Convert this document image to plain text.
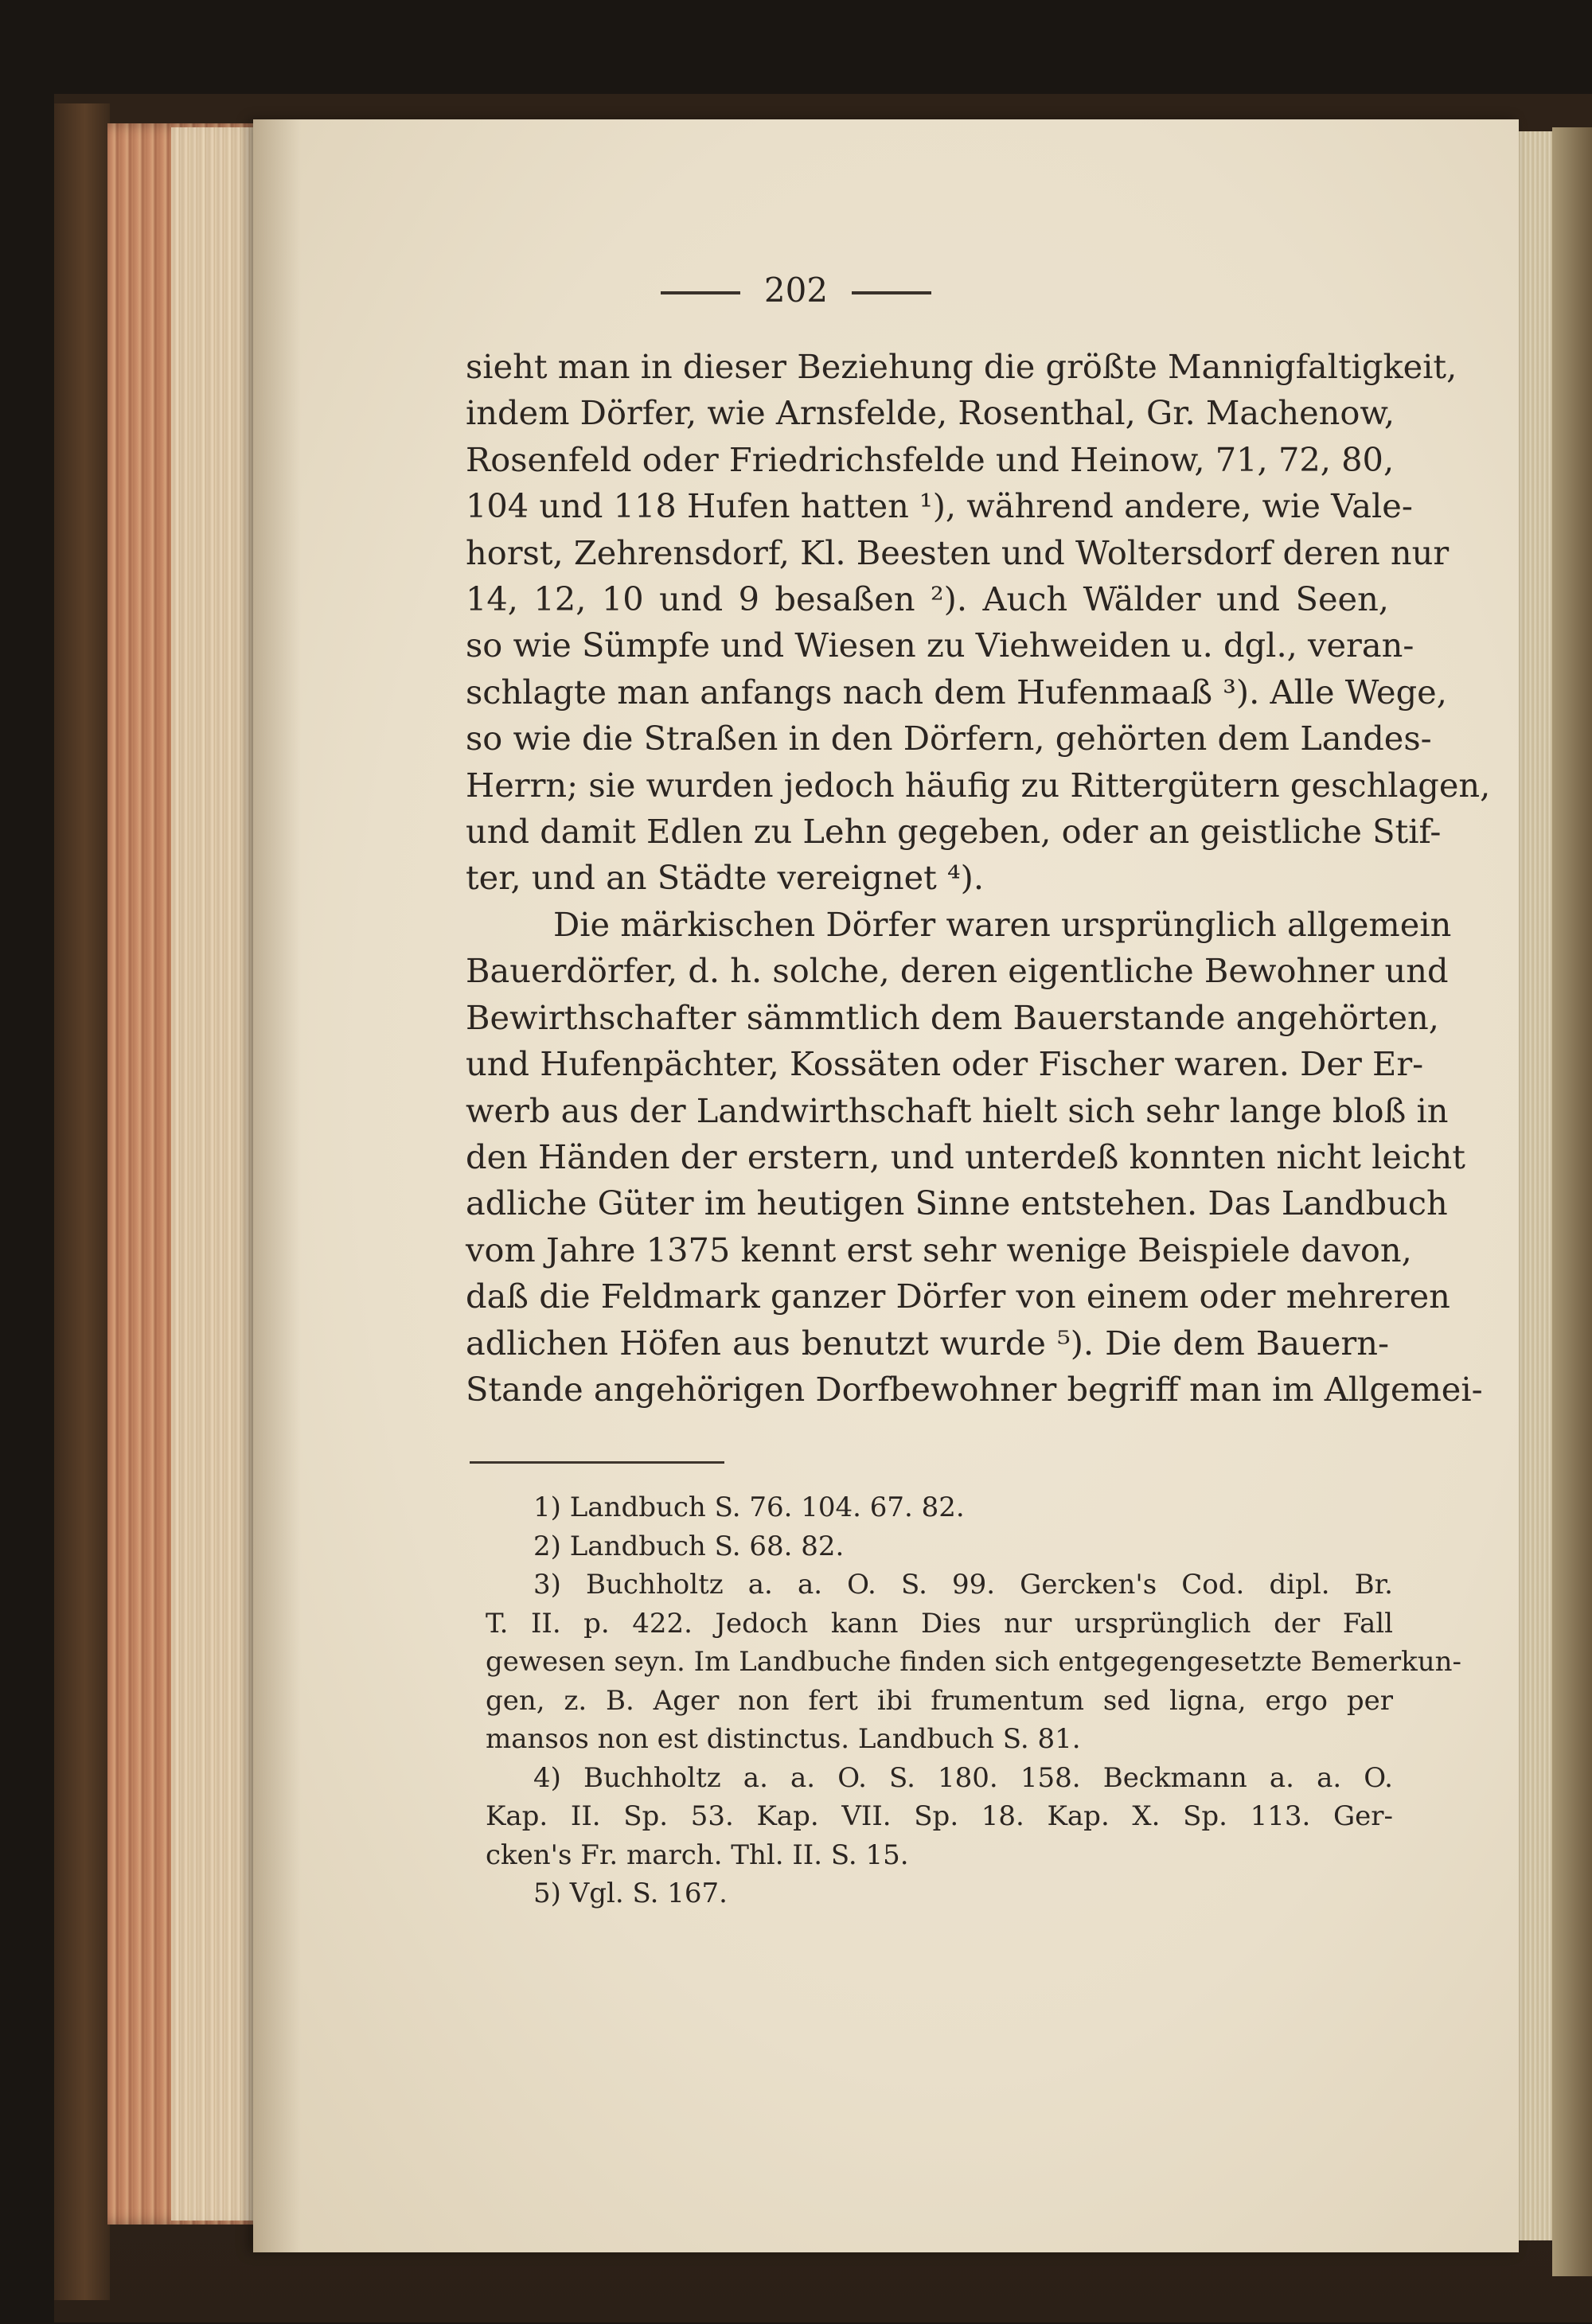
202
sieht man in dieser Beziehung die größte Mannigfaltigkeit,
indem Dörfer, wie Arnsfelde, Rosenthal, Gr. Machenow,
Rosenfeld oder Friedrichsfelde und Heinow, 71, 72, 80,
104 und 118 Hufen hatten ¹), während andere, wie Vale-
horst, Zehrensdorf, Kl. Beesten und Woltersdorf deren nur
14, 12, 10 und 9 besaßen ²). Auch Wälder und Seen,
so wie Sümpfe und Wiesen zu Viehweiden u. dgl., veran-
schlagte man anfangs nach dem Hufenmaaß ³). Alle Wege,
so wie die Straßen in den Dörfern, gehörten dem Landes-
Herrn; sie wurden jedoch häufig zu Rittergütern geschlagen,
und damit Edlen zu Lehn gegeben, oder an geistliche Stif-
ter, und an Städte vereignet ⁴).
Die märkischen Dörfer waren ursprünglich allgemein
Bauerdörfer, d. h. solche, deren eigentliche Bewohner und
Bewirthschafter sämmtlich dem Bauerstande angehörten,
und Hufenpächter, Kossäten oder Fischer waren. Der Er-
werb aus der Landwirthschaft hielt sich sehr lange bloß in
den Händen der erstern, und unterdeß konnten nicht leicht
adliche Güter im heutigen Sinne entstehen. Das Landbuch
vom Jahre 1375 kennt erst sehr wenige Beispiele davon,
daß die Feldmark ganzer Dörfer von einem oder mehreren
adlichen Höfen aus benutzt wurde ⁵). Die dem Bauern-
Stande angehörigen Dorfbewohner begriff man im Allgemei-
1) Landbuch S. 76. 104. 67. 82.
2) Landbuch S. 68. 82.
3) Buchholtz a. a. O. S. 99. Gercken's Cod. dipl. Br.
T. II. p. 422. Jedoch kann Dies nur ursprünglich der Fall
gewesen seyn. Im Landbuche finden sich entgegengesetzte Bemerkun-
gen, z. B. Ager non fert ibi frumentum sed ligna, ergo per
mansos non est distinctus. Landbuch S. 81.
4) Buchholtz a. a. O. S. 180. 158. Beckmann a. a. O.
Kap. II. Sp. 53. Kap. VII. Sp. 18. Kap. X. Sp. 113. Ger-
cken's Fr. march. Thl. II. S. 15.
5) Vgl. S. 167.
